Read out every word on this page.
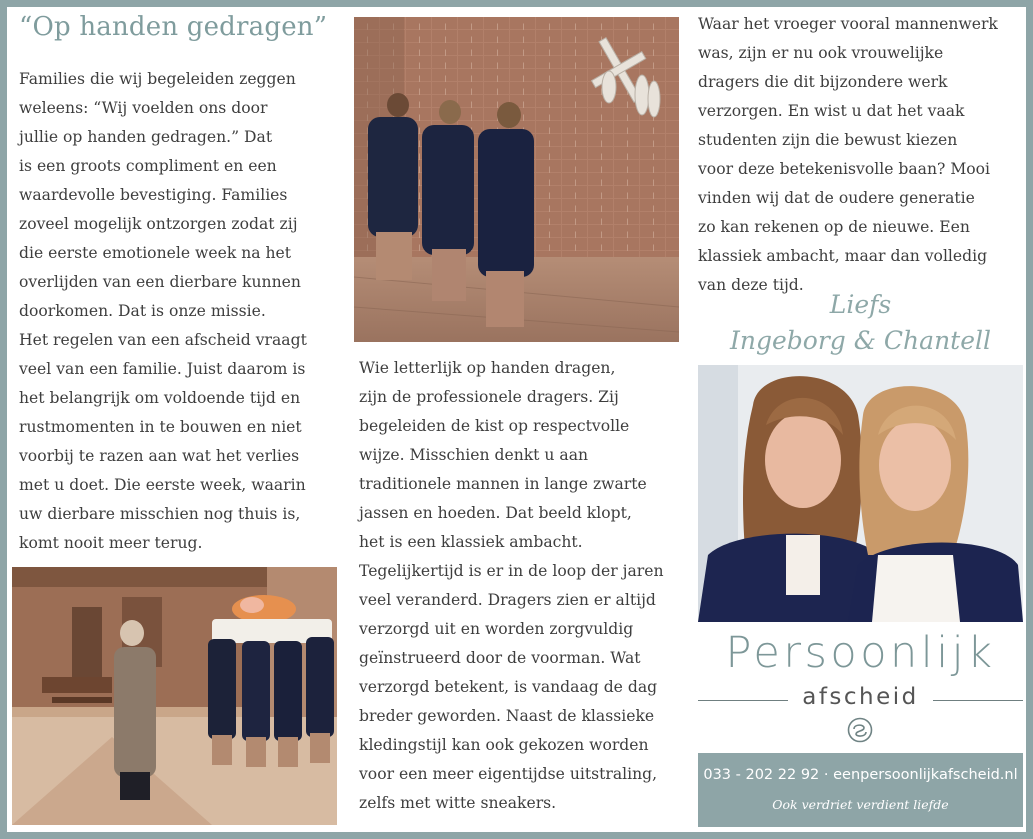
“Op handen gedragen”

Families die wij begeleiden zeggen

weleens: “Wij voelden ons door

jullie op handen gedragen.” Dat

is een groots compliment en een

waardevolle bevestiging. Families

zoveel mogelijk ontzorgen zodat zij

die eerste emotionele week na het

overlijden van een dierbare kunnen

doorkomen. Dat is onze missie.

Het regelen van een afscheid vraagt

veel van een familie. Juist daarom is

het belangrijk om voldoende tijd en

rustmomenten in te bouwen en niet

voorbij te razen aan wat het verlies

met u doet. Die eerste week, waarin

uw dierbare misschien nog thuis is,

komt nooit meer terug.

Wie letterlijk op handen dragen,

zijn de professionele dragers. Zij

begeleiden de kist op respectvolle

wijze. Misschien denkt u aan

traditionele mannen in lange zwarte

jassen en hoeden. Dat beeld klopt,

het is een klassiek ambacht.

Tegelijkertijd is er in de loop der jaren

veel veranderd. Dragers zien er altijd

verzorgd uit en worden zorgvuldig

geïnstrueerd door de voorman. Wat

verzorgd betekent, is vandaag de dag

breder geworden. Naast de klassieke

kledingstijl kan ook gekozen worden

voor een meer eigentijdse uitstraling,

zelfs met witte sneakers.

Waar het vroeger vooral mannenwerk

was, zijn er nu ook vrouwelijke

dragers die dit bijzondere werk

verzorgen. En wist u dat het vaak

studenten zijn die bewust kiezen

voor deze betekenisvolle baan? Mooi

vinden wij dat de oudere generatie

zo kan rekenen op de nieuwe. Een

klassiek ambacht, maar dan volledig

van deze tijd.

Liefs

Ingeborg & Chantell

Persoonlijk
afscheid
033 - 202 22 92 · eenpersoonlijkafscheid.nl
Ook verdriet verdient liefde
